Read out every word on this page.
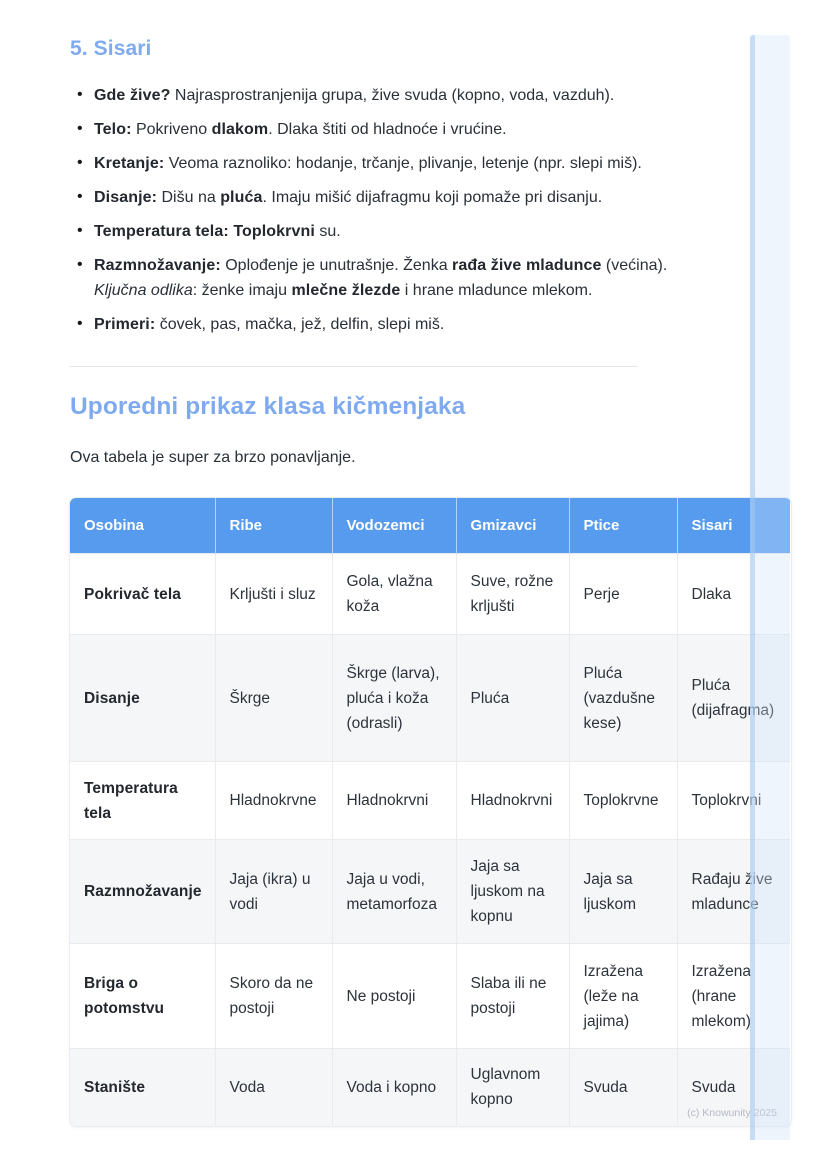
5. Sisari
• Gde žive? Najrasprostranjenija grupa, žive svuda (kopno, voda, vazduh).
• Telo: Pokriveno dlakom. Dlaka štiti od hladnoće i vrućine.
• Kretanje: Veoma raznoliko: hodanje, trčanje, plivanje, letenje (npr. slepi miš).
• Disanje: Dišu na pluća. Imaju mišić dijafragmu koji pomaže pri disanju.
• Temperatura tela: Toplokrvni su.
• Razmnožavanje: Oplođenje je unutrašnje. Ženka rađa žive mladunce (većina). Ključna odlika: ženke imaju mlečne žlezde i hrane mladunce mlekom.
• Primeri: čovek, pas, mačka, jež, delfin, slepi miš.
Uporedni prikaz klasa kičmenjaka

Ova tabela je super za brzo ponavljanje.

Osobina	Ribe	Vodozemci	Gmizavci	Ptice	Sisari
Pokrivač tela	Krljušti i sluz	Gola, vlažna koža	Suve, rožne krljušti	Perje	Dlaka
Disanje	Škrge	Škrge (larva), pluća i koža (odrasli)	Pluća	Pluća (vazdušne kese)	Pluća (dijafragma)
Temperatura tela	Hladnokrvne	Hladnokrvni	Hladnokrvni	Toplokrvne	Toplokrvni
Razmnožavanje	Jaja (ikra) u vodi	Jaja u vodi, metamorfoza	Jaja sa ljuskom na kopnu	Jaja sa ljuskom	Rađaju žive mladunce
Briga o potomstvu	Skoro da ne postoji	Ne postoji	Slaba ili ne postoji	Izražena (leže na jajima)	Izražena (hrane mlekom)
Stanište	Voda	Voda i kopno	Uglavnom kopno	Svuda	Svuda
(c) Knowunity 2025
